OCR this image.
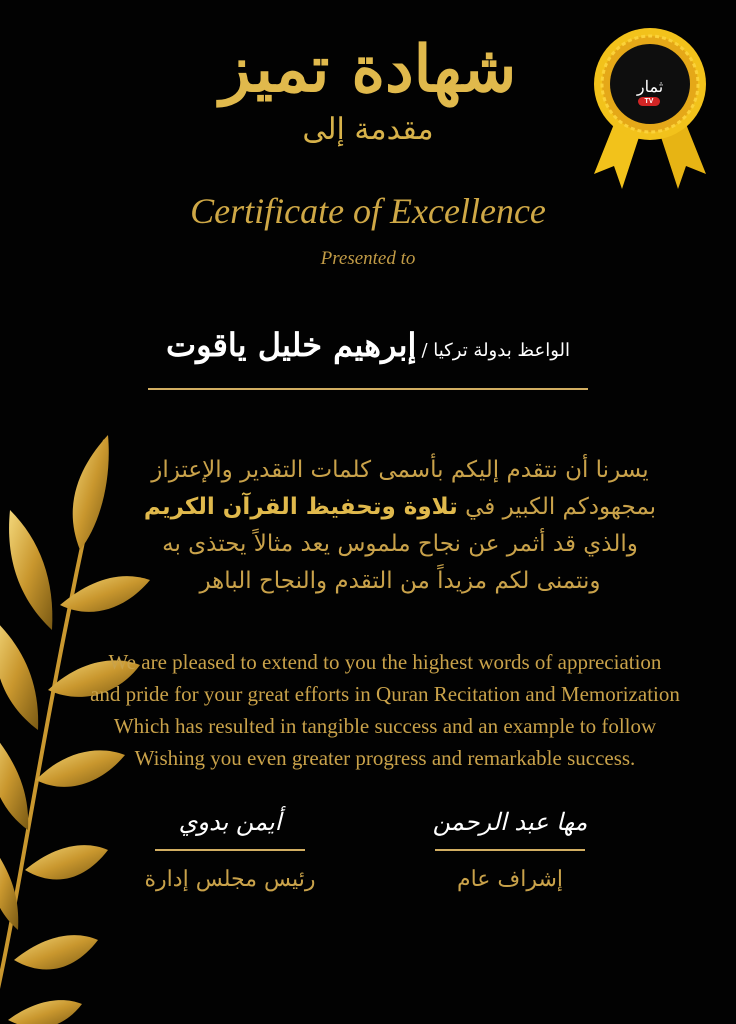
ثمار
TV
شهادة تميز
مقدمة إلى
Certificate of Excellence
Presented to
الواعظ بدولة تركيا / إبرهيم خليل ياقوت
يسرنا أن نتقدم إليكم بأسمى كلمات التقدير والإعتزاز
بمجهودكم الكبير في تلاوة وتحفيظ القرآن الكريم
والذي قد أثمر عن نجاح ملموس يعد مثالاً يحتذى به
ونتمنى لكم مزيداً من التقدم والنجاح الباهر
We are pleased to extend to you the highest words of appreciation
and pride for your great efforts in Quran Recitation and Memorization
Which has resulted in tangible success and an example to follow
Wishing you even greater progress and remarkable success.
أيمن بدوي
رئيس مجلس إدارة
مها عبد الرحمن
إشراف عام
